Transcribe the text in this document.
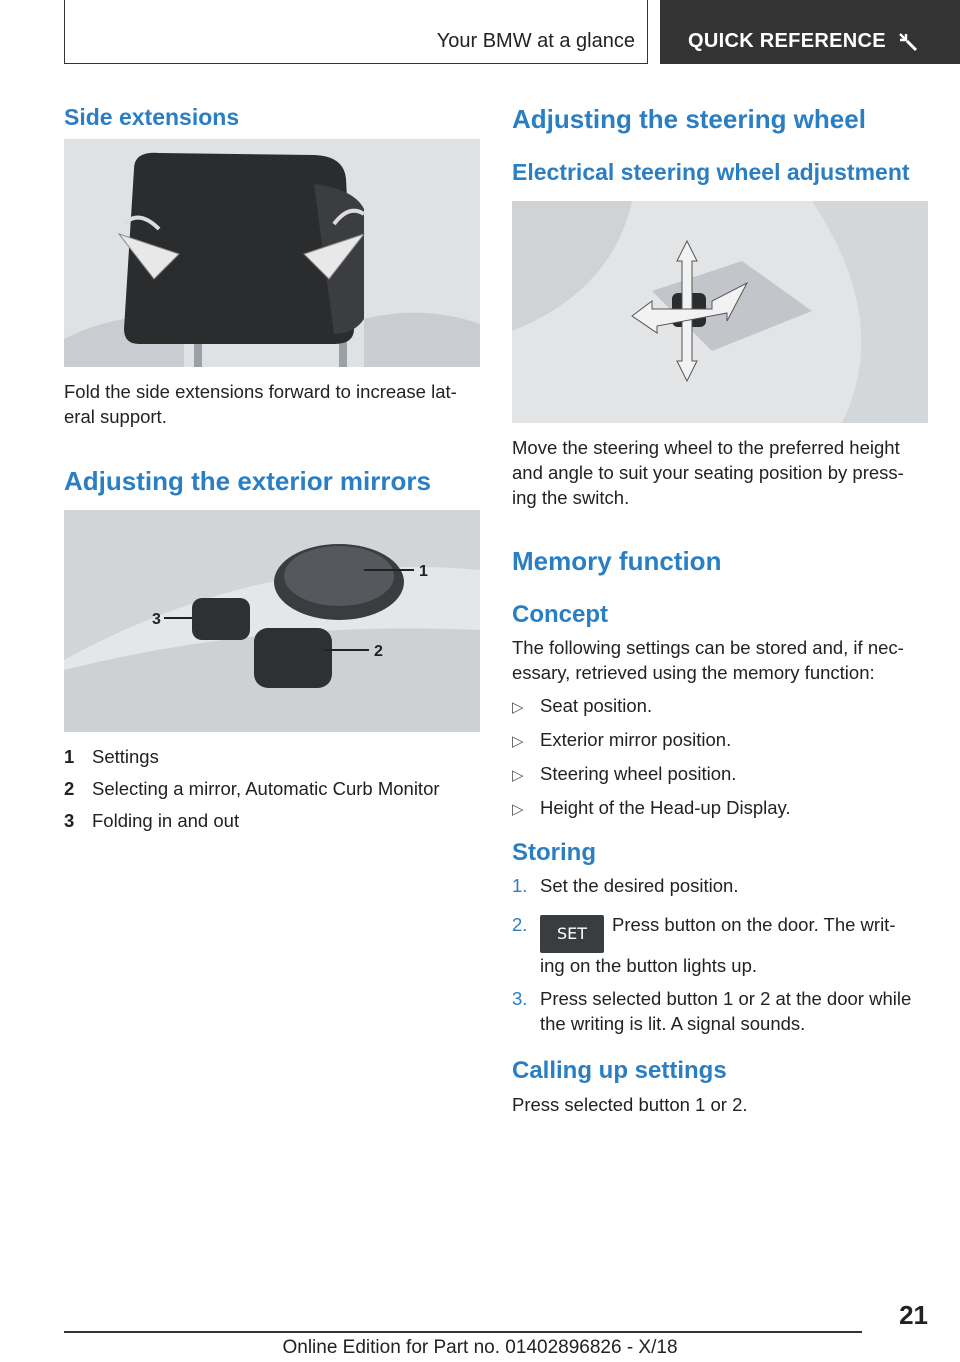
Your BMW at a glance	QUICK REFERENCE
Side extensions

Fold the side extensions forward to increase lat-
eral support.

Adjusting the exterior mirrors
1
3
2
1 Settings
2 Selecting a mirror, Automatic Curb Monitor
3 Folding in and out
Adjusting the steering wheel
Electrical steering wheel adjustment

Move the steering wheel to the preferred height
and angle to suit your seating position by press-
ing the switch.

Memory function
Concept

The following settings can be stored and, if nec-
essary, retrieved using the memory function:

▷ Seat position.
▷ Exterior mirror position.
▷ Steering wheel position.
▷ Height of the Head-up Display.
Storing
1. Set the desired position.
2. SET Press button on the door. The writ-
ing on the button lights up.
3. Press selected button 1 or 2 at the door while
the writing is lit. A signal sounds.
Calling up settings

Press selected button 1 or 2.

21
Online Edition for Part no. 01402896826 - X/18
